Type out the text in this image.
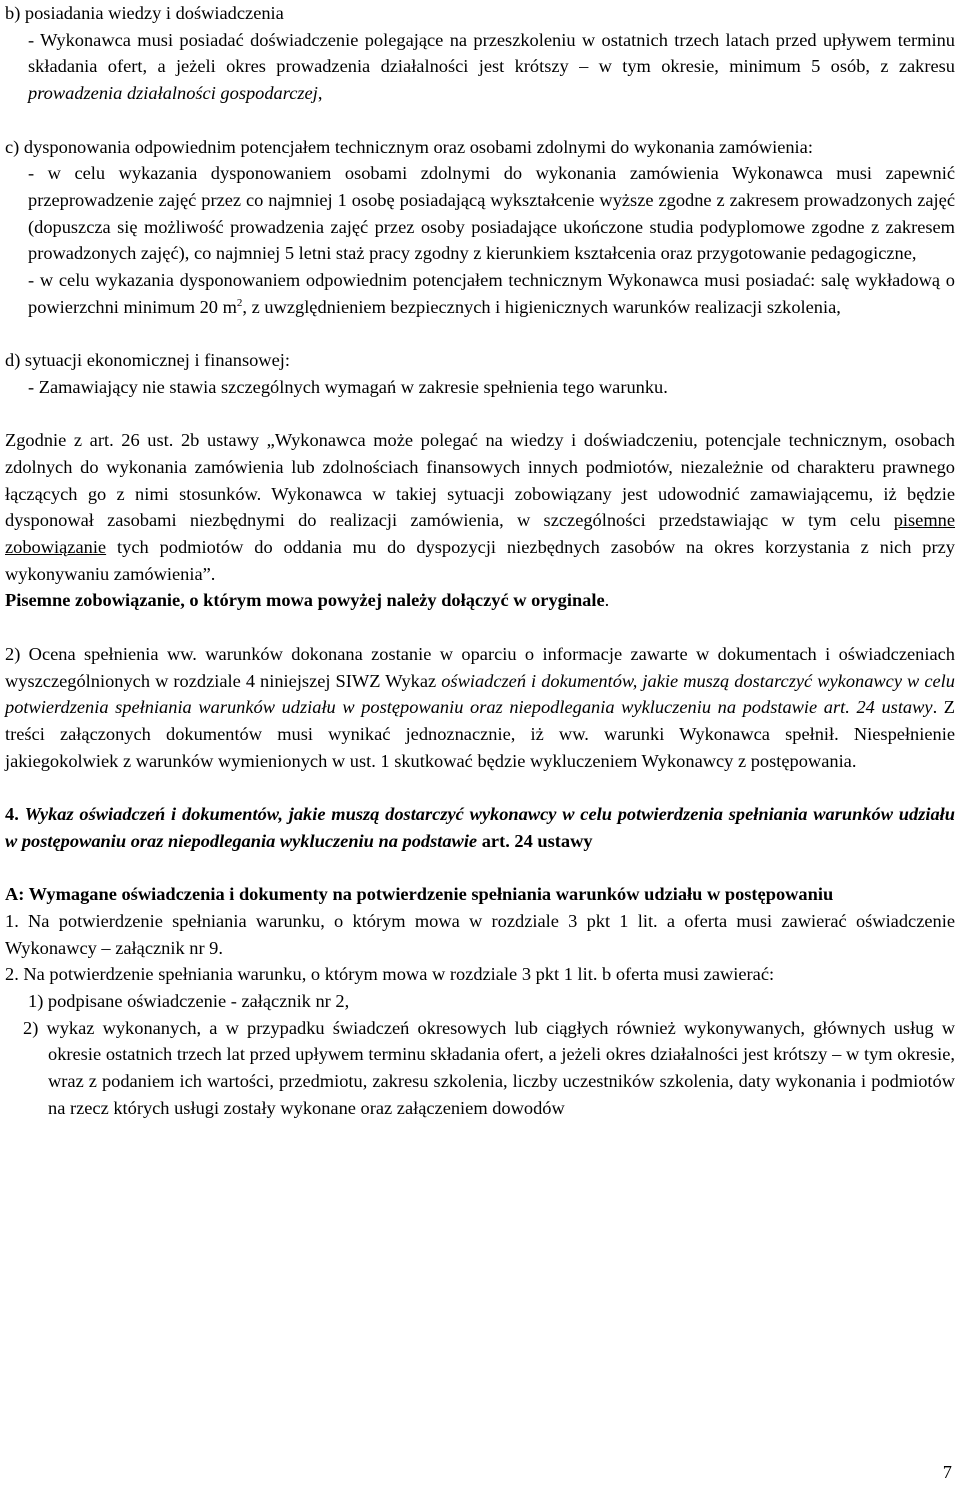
b) posiadania wiedzy i doświadczenia

- Wykonawca musi posiadać doświadczenie polegające na przeszkoleniu w ostatnich trzech latach przed upływem terminu składania ofert, a jeżeli okres prowadzenia działalności jest krótszy – w tym okresie, minimum 5 osób, z zakresu prowadzenia działalności gospodarczej,

c) dysponowania odpowiednim potencjałem technicznym oraz osobami zdolnymi do wykonania zamówienia:

- w celu wykazania dysponowaniem osobami zdolnymi do wykonania zamówienia Wykonawca musi zapewnić przeprowadzenie zajęć przez co najmniej 1 osobę posiadającą wykształcenie wyższe zgodne z zakresem prowadzonych zajęć (dopuszcza się możliwość prowadzenia zajęć przez osoby posiadające ukończone studia podyplomowe zgodne z zakresem prowadzonych zajęć), co najmniej 5 letni staż pracy zgodny z kierunkiem kształcenia oraz przygotowanie pedagogiczne,

- w celu wykazania dysponowaniem odpowiednim potencjałem technicznym Wykonawca musi posiadać: salę wykładową o powierzchni minimum 20 $m^2$, z uwzględnieniem bezpiecznych i higienicznych warunków realizacji szkolenia,

d) sytuacji ekonomicznej i finansowej:

- Zamawiający nie stawia szczególnych wymagań w zakresie spełnienia tego warunku.

Zgodnie z art. 26 ust. 2b ustawy „Wykonawca może polegać na wiedzy i doświadczeniu, potencjale technicznym, osobach zdolnych do wykonania zamówienia lub zdolnościach finansowych innych podmiotów, niezależnie od charakteru prawnego łączących go z nimi stosunków. Wykonawca w takiej sytuacji zobowiązany jest udowodnić zamawiającemu, iż będzie dysponował zasobami niezbędnymi do realizacji zamówienia, w szczególności przedstawiając w tym celu pisemne zobowiązanie tych podmiotów do oddania mu do dyspozycji niezbędnych zasobów na okres korzystania z nich przy wykonywaniu zamówienia”.

Pisemne zobowiązanie, o którym mowa powyżej należy dołączyć w oryginale.

2) Ocena spełnienia ww. warunków dokonana zostanie w oparciu o informacje zawarte w dokumentach i oświadczeniach wyszczególnionych w rozdziale 4 niniejszej SIWZ Wykaz oświadczeń i dokumentów, jakie muszą dostarczyć wykonawcy w celu potwierdzenia spełniania warunków udziału w postępowaniu oraz niepodlegania wykluczeniu na podstawie art. 24 ustawy. Z treści załączonych dokumentów musi wynikać jednoznacznie, iż ww. warunki Wykonawca spełnił. Niespełnienie jakiegokolwiek z warunków wymienionych w ust. 1 skutkować będzie wykluczeniem Wykonawcy z postępowania.

4. Wykaz oświadczeń i dokumentów, jakie muszą dostarczyć wykonawcy w celu potwierdzenia spełniania warunków udziału w postępowaniu oraz niepodlegania wykluczeniu na podstawie art. 24 ustawy

A: Wymagane oświadczenia i dokumenty na potwierdzenie spełniania warunków udziału w postępowaniu

1. Na potwierdzenie spełniania warunku, o którym mowa w rozdziale 3 pkt 1 lit. a oferta musi zawierać oświadczenie Wykonawcy – załącznik nr 9.

2. Na potwierdzenie spełniania warunku, o którym mowa w rozdziale 3 pkt 1 lit. b oferta musi zawierać:

1) podpisane oświadczenie - załącznik nr 2,

2) wykaz wykonanych, a w przypadku świadczeń okresowych lub ciągłych również wykonywanych, głównych usług w okresie ostatnich trzech lat przed upływem terminu składania ofert, a jeżeli okres działalności jest krótszy – w tym okresie, wraz z podaniem ich wartości, przedmiotu, zakresu szkolenia, liczby uczestników szkolenia, daty wykonania i podmiotów na rzecz których usługi zostały wykonane oraz załączeniem dowodów

7
